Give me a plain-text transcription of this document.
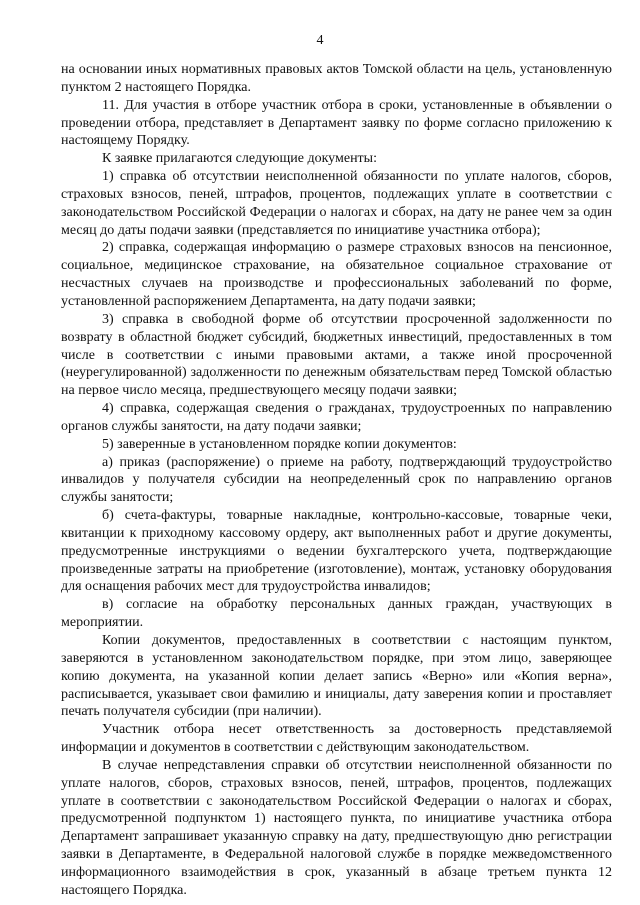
4

на основании иных нормативных правовых актов Томской области на цель, установленную пунктом 2 настоящего Порядка.

11. Для участия в отборе участник отбора в сроки, установленные в объявлении о проведении отбора, представляет в Департамент заявку по форме согласно приложению к настоящему Порядку.

К заявке прилагаются следующие документы:

1) справка об отсутствии неисполненной обязанности по уплате налогов, сборов, страховых взносов, пеней, штрафов, процентов, подлежащих уплате в соответствии с законодательством Российской Федерации о налогах и сборах, на дату не ранее чем за один месяц до даты подачи заявки (представляется по инициативе участника отбора);

2) справка, содержащая информацию о размере страховых взносов на пенсионное, социальное, медицинское страхование, на обязательное социальное страхование от несчастных случаев на производстве и профессиональных заболеваний по форме, установленной распоряжением Департамента, на дату подачи заявки;

3) справка в свободной форме об отсутствии просроченной задолженности по возврату в областной бюджет субсидий, бюджетных инвестиций, предоставленных в том числе в соответствии с иными правовыми актами, а также иной просроченной (неурегулированной) задолженности по денежным обязательствам перед Томской областью на первое число месяца, предшествующего месяцу подачи заявки;

4) справка, содержащая сведения о гражданах, трудоустроенных по направлению органов службы занятости, на дату подачи заявки;

5) заверенные в установленном порядке копии документов:

а) приказ (распоряжение) о приеме на работу, подтверждающий трудоустройство инвалидов у получателя субсидии на неопределенный срок по направлению органов службы занятости;

б) счета-фактуры, товарные накладные, контрольно-кассовые, товарные чеки, квитанции к приходному кассовому ордеру, акт выполненных работ и другие документы, предусмотренные инструкциями о ведении бухгалтерского учета, подтверждающие произведенные затраты на приобретение (изготовление), монтаж, установку оборудования для оснащения рабочих мест для трудоустройства инвалидов;

в) согласие на обработку персональных данных граждан, участвующих в мероприятии.

Копии документов, предоставленных в соответствии с настоящим пунктом, заверяются в установленном законодательством порядке, при этом лицо, заверяющее копию документа, на указанной копии делает запись «Верно» или «Копия верна», расписывается, указывает свои фамилию и инициалы, дату заверения копии и проставляет печать получателя субсидии (при наличии).

Участник отбора несет ответственность за достоверность представляемой информации и документов в соответствии с действующим законодательством.

В случае непредставления справки об отсутствии неисполненной обязанности по уплате налогов, сборов, страховых взносов, пеней, штрафов, процентов, подлежащих уплате в соответствии с законодательством Российской Федерации о налогах и сборах, предусмотренной подпунктом 1) настоящего пункта, по инициативе участника отбора Департамент запрашивает указанную справку на дату, предшествующую дню регистрации заявки в Департаменте, в Федеральной налоговой службе в порядке межведомственного информационного взаимодействия в срок, указанный в абзаце третьем пункта 12 настоящего Порядка.
